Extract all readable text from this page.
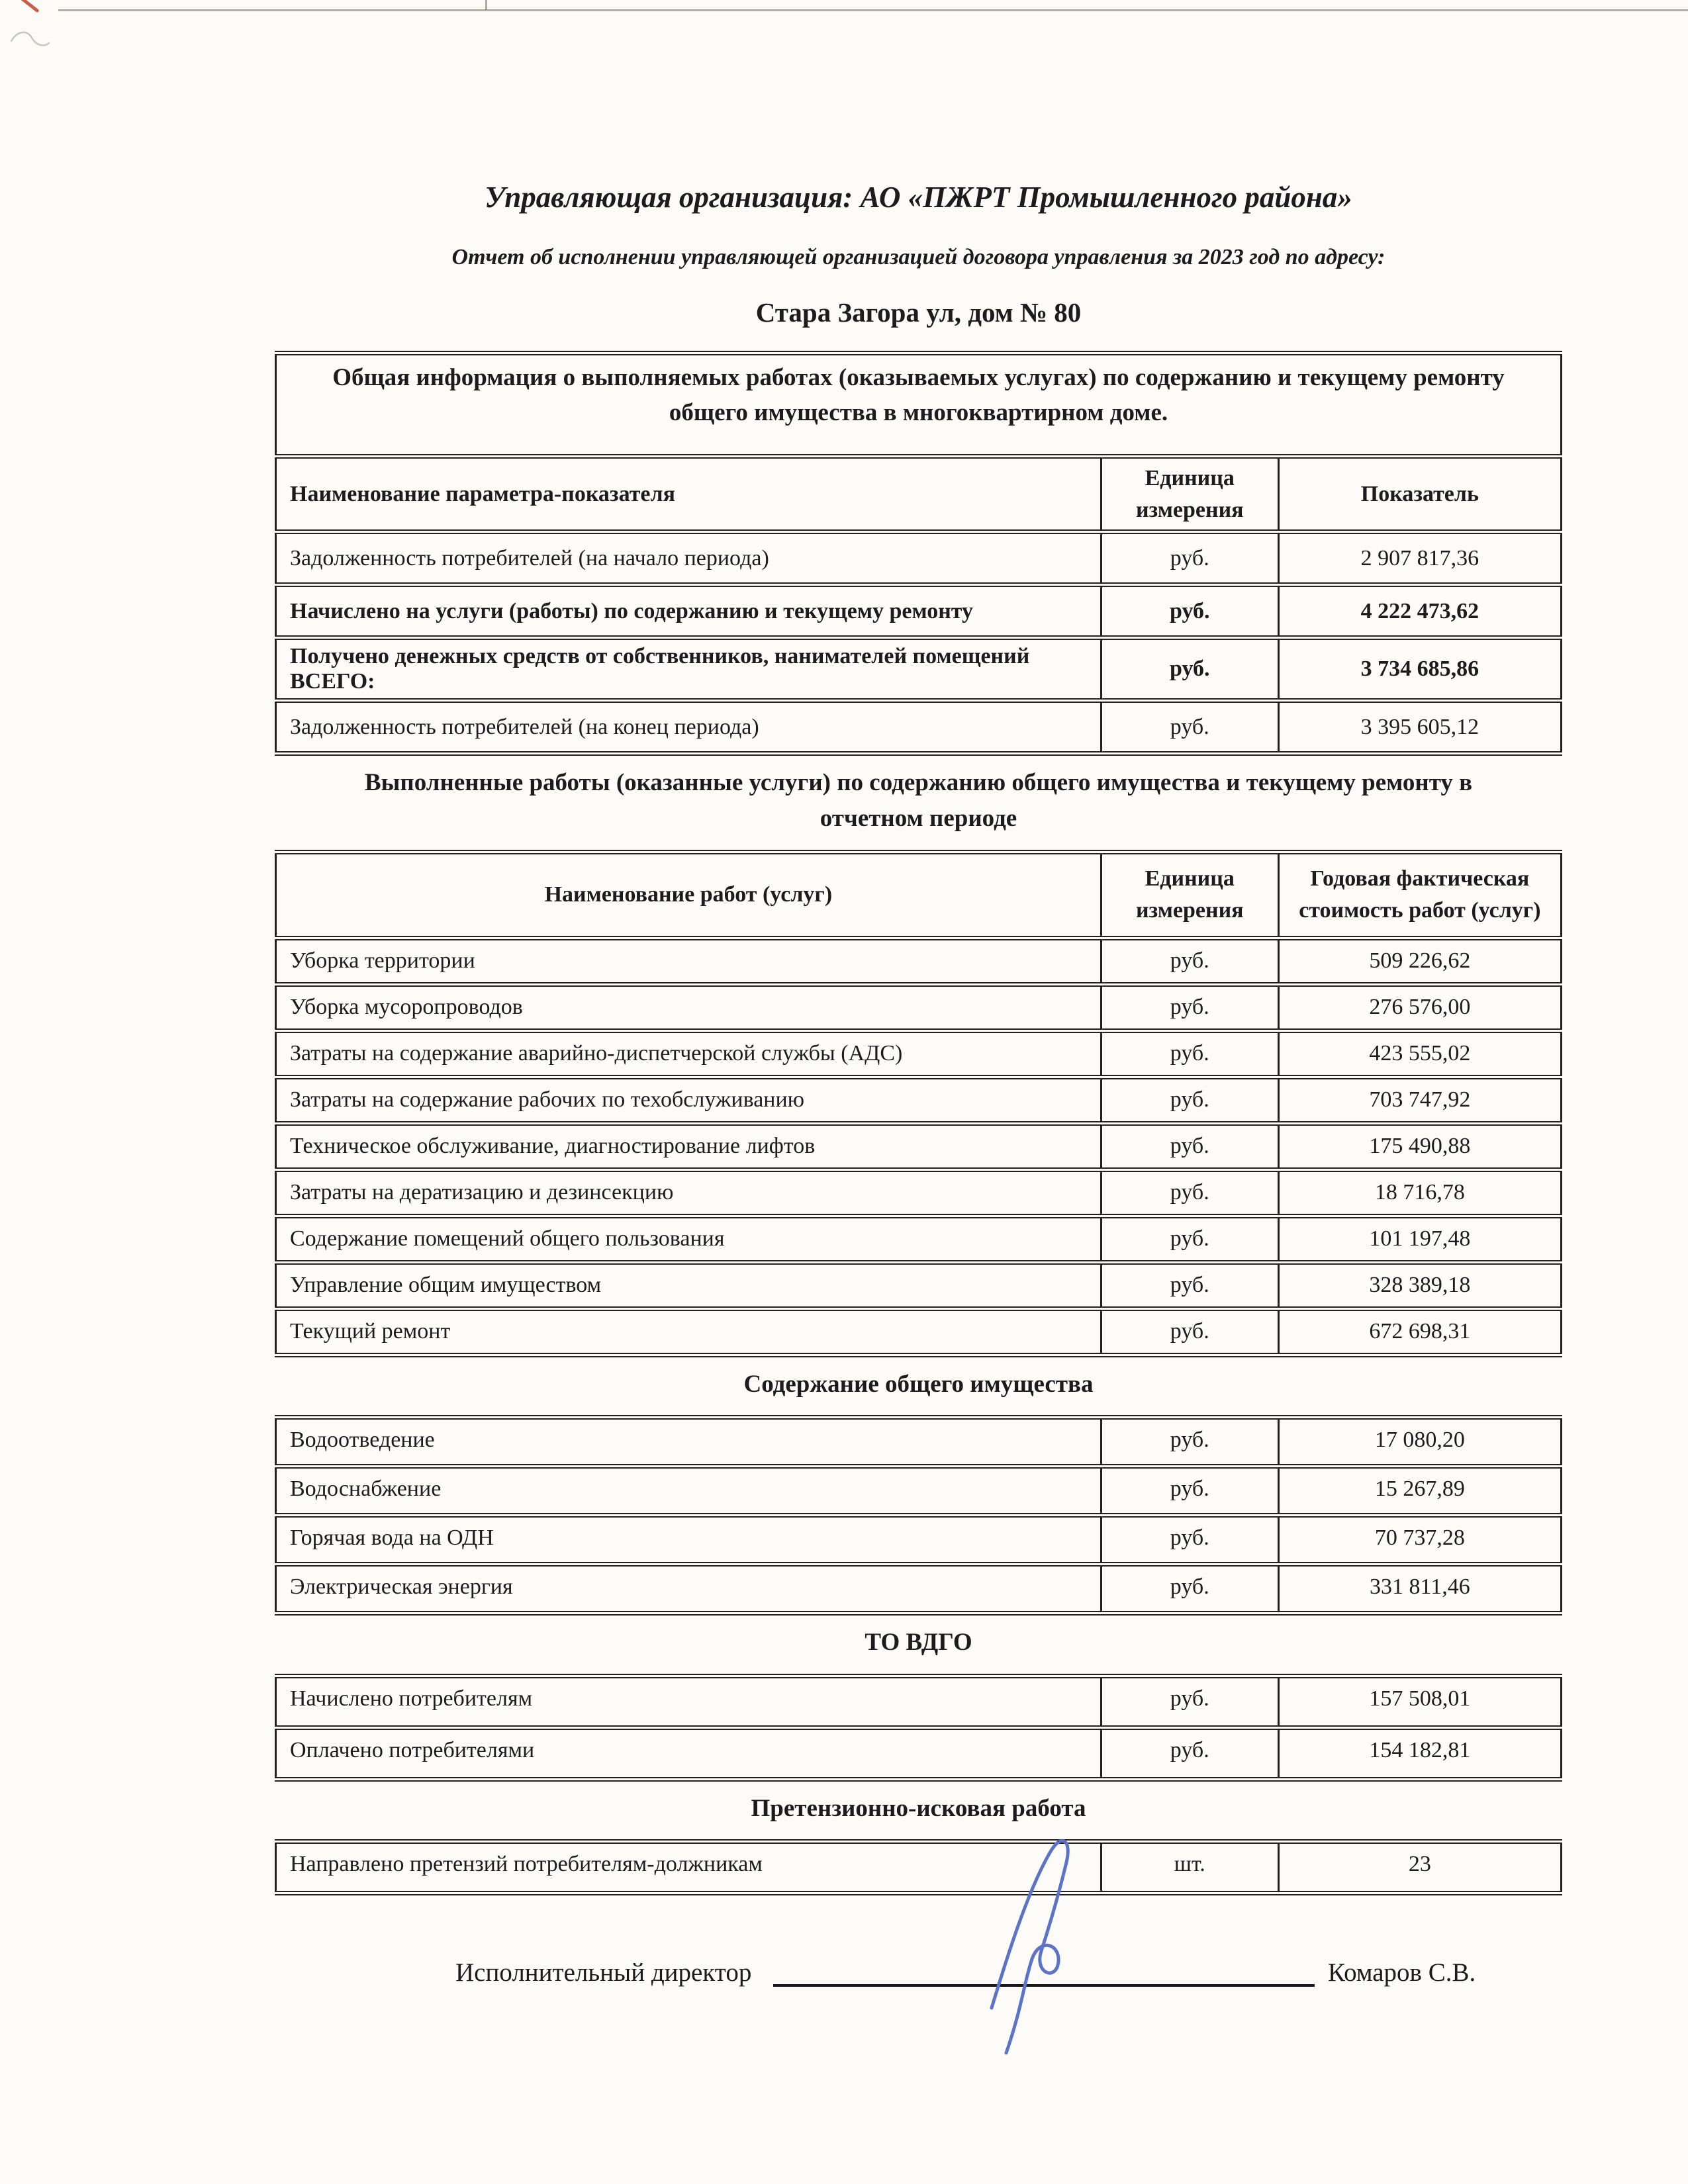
Управляющая организация: АО «ПЖРТ Промышленного района»
Отчет об исполнении управляющей организацией договора управления за 2023 год по адресу:
Стара Загора ул, дом № 80
Общая информация о выполняемых работах (оказываемых услугах) по содержанию и текущему ремонту общего имущества в многоквартирном доме.		
Наименование параметра-показателя	Единица измерения	Показатель
Задолженность потребителей (на начало периода)	руб.	2 907 817,36
Начислено на услуги (работы) по содержанию и текущему ремонту	руб.	4 222 473,62
Получено денежных средств от собственников, нанимателей помещений ВСЕГО:	руб.	3 734 685,86
Задолженность потребителей (на конец периода)	руб.	3 395 605,12
Выполненные работы (оказанные услуги) по содержанию общего имущества и текущему ремонту в отчетном периоде
Наименование работ (услуг)	Единица измерения	Годовая фактическая стоимость работ (услуг)
Уборка территории	руб.	509 226,62
Уборка мусоропроводов	руб.	276 576,00
Затраты на содержание аварийно-диспетчерской службы (АДС)	руб.	423 555,02
Затраты на содержание рабочих по техобслуживанию	руб.	703 747,92
Техническое обслуживание, диагностирование лифтов	руб.	175 490,88
Затраты на дератизацию и дезинсекцию	руб.	18 716,78
Содержание помещений общего пользования	руб.	101 197,48
Управление общим имуществом	руб.	328 389,18
Текущий ремонт	руб.	672 698,31
Содержание общего имущества
Водоотведение	руб.	17 080,20
Водоснабжение	руб.	15 267,89
Горячая вода на ОДН	руб.	70 737,28
Электрическая энергия	руб.	331 811,46
ТО ВДГО
Начислено потребителям	руб.	157 508,01
Оплачено потребителями	руб.	154 182,81
Претензионно-исковая работа
Направлено претензий потребителям-должникам	шт.	23
Исполнительный директор	Комаров С.В.
